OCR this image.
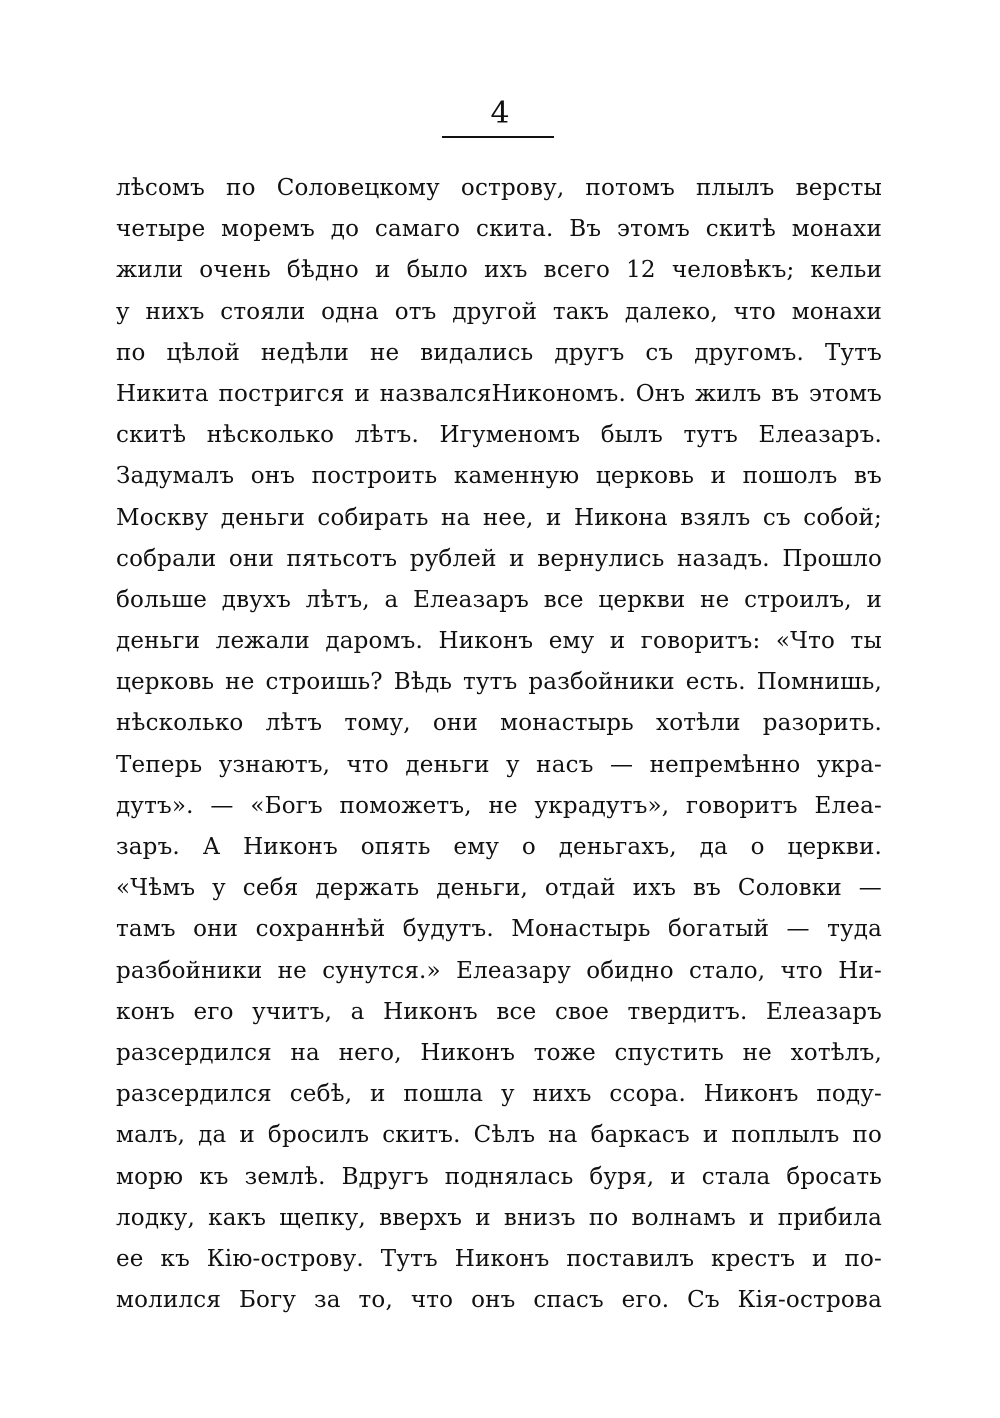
4
лѣсомъ по Соловецкому острову, потомъ плылъ версты
четыре моремъ до самаго скита. Въ этомъ скитѣ монахи
жили очень бѣдно и было ихъ всего 12 человѣкъ; кельи
у нихъ стояли одна отъ другой такъ далеко, что монахи
по цѣлой недѣли не видались другъ съ другомъ. Тутъ
Никита постригся и назвалсяНикономъ. Онъ жилъ въ этомъ
скитѣ нѣсколько лѣтъ. Игуменомъ былъ тутъ Елеазаръ.
Задумалъ онъ построить каменную церковь и пошолъ въ
Москву деньги собирать на нее, и Никона взялъ съ собой;
собрали они пятьсотъ рублей и вернулись назадъ. Прошло
больше двухъ лѣтъ, а Елеазаръ все церкви не строилъ, и
деньги лежали даромъ. Никонъ ему и говоритъ: «Что ты
церковь не строишь? Вѣдь тутъ разбойники есть. Помнишь,
нѣсколько лѣтъ тому, они монастырь хотѣли разорить.
Теперь узнаютъ, что деньги у насъ — непремѣнно укра-
дутъ». — «Богъ поможетъ, не украдутъ», говоритъ Елеа-
заръ. А Никонъ опять ему о деньгахъ, да о церкви.
«Чѣмъ у себя держать деньги, отдай ихъ въ Соловки —
тамъ они сохраннѣй будутъ. Монастырь богатый — туда
разбойники не сунутся.» Елеазару обидно стало, что Ни-
конъ его учитъ, а Никонъ все свое твердитъ. Елеазаръ
разсердился на него, Никонъ тоже спустить не хотѣлъ,
разсердился себѣ, и пошла у нихъ ссора. Никонъ поду-
малъ, да и бросилъ скитъ. Сѣлъ на баркасъ и поплылъ по
морю къ землѣ. Вдругъ поднялась буря, и стала бросать
лодку, какъ щепку, вверхъ и внизъ по волнамъ и прибила
ее къ Кію-острову. Тутъ Никонъ поставилъ крестъ и по-
молился Богу за то, что онъ спасъ его. Съ Кія-острова
